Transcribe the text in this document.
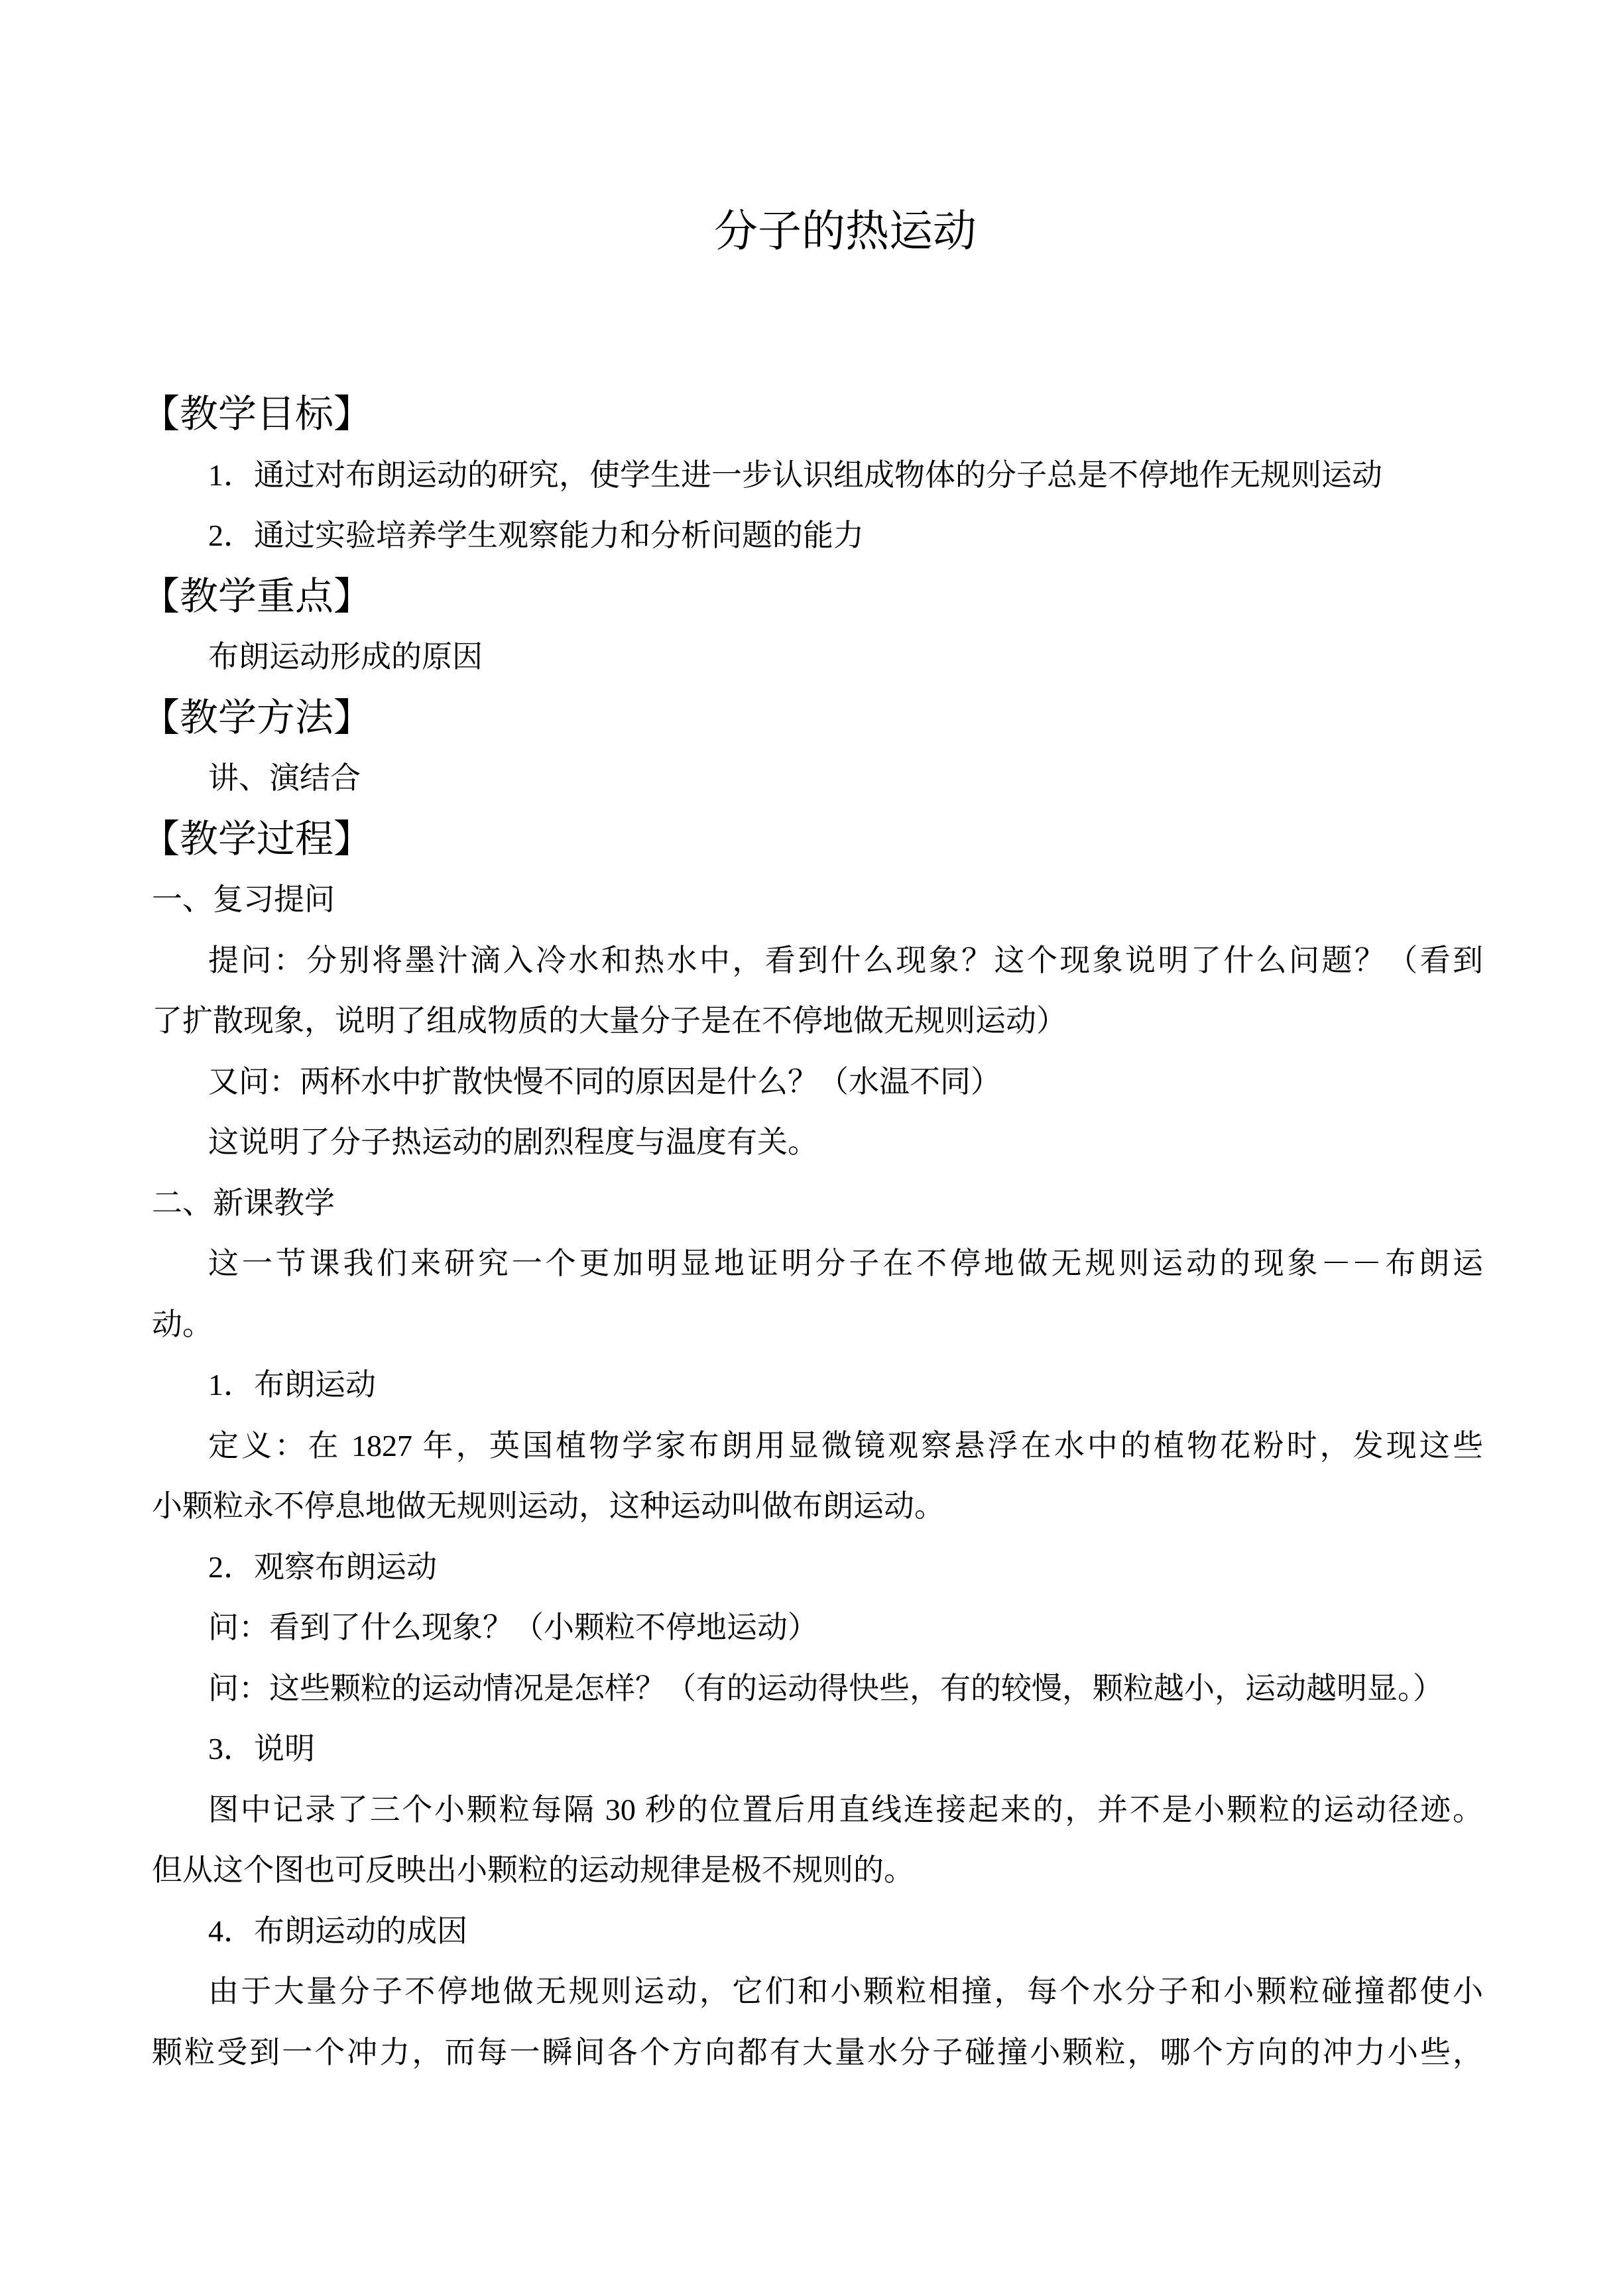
分子的热运动
【教学目标】
1．通过对布朗运动的研究，使学生进一步认识组成物体的分子总是不停地作无规则运动
2．通过实验培养学生观察能力和分析问题的能力
【教学重点】
布朗运动形成的原因
【教学方法】
讲、演结合
【教学过程】
一、复习提问
提问：分别将墨汁滴入冷水和热水中，看到什么现象？这个现象说明了什么问题？（看到
了扩散现象，说明了组成物质的大量分子是在不停地做无规则运动）
又问：两杯水中扩散快慢不同的原因是什么？（水温不同）
这说明了分子热运动的剧烈程度与温度有关。
二、新课教学
这一节课我们来研究一个更加明显地证明分子在不停地做无规则运动的现象－－布朗运
动。
1．布朗运动
定义：在 1827 年，英国植物学家布朗用显微镜观察悬浮在水中的植物花粉时，发现这些
小颗粒永不停息地做无规则运动，这种运动叫做布朗运动。
2．观察布朗运动
问：看到了什么现象？（小颗粒不停地运动）
问：这些颗粒的运动情况是怎样？（有的运动得快些，有的较慢，颗粒越小，运动越明显。）
3．说明
图中记录了三个小颗粒每隔 30 秒的位置后用直线连接起来的，并不是小颗粒的运动径迹。
但从这个图也可反映出小颗粒的运动规律是极不规则的。
4．布朗运动的成因
由于大量分子不停地做无规则运动，它们和小颗粒相撞，每个水分子和小颗粒碰撞都使小
颗粒受到一个冲力，而每一瞬间各个方向都有大量水分子碰撞小颗粒，哪个方向的冲力小些，
